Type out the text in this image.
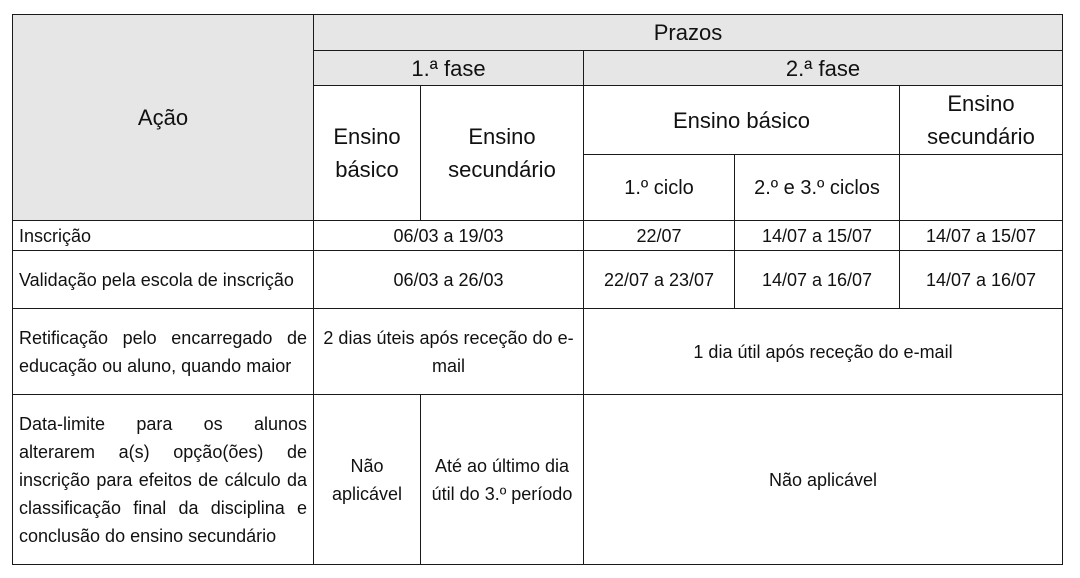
Ação	Prazos				
	1.ª fase		2.ª fase		
	Ensino básico	Ensino secundário	Ensino básico		Ensino secundário
			1.º ciclo	2.º e 3.º ciclos	

Inscrição	06/03 a 19/03		22/07	14/07 a 15/07	14/07 a 15/07
Validação pela escola de inscrição	06/03 a 26/03		22/07 a 23/07	14/07 a 16/07	14/07 a 16/07
Retificação pelo encarregado de educação ou aluno, quando maior	2 dias úteis após receção do e-mail		1 dia útil após receção do e-mail		
Data-limite para os alunos alterarem a(s) opção(ões) de inscrição para efeitos de cálculo da classificação final da disciplina e conclusão do ensino secundário	Não aplicável	Até ao último dia útil do 3.º período	Não aplicável		
